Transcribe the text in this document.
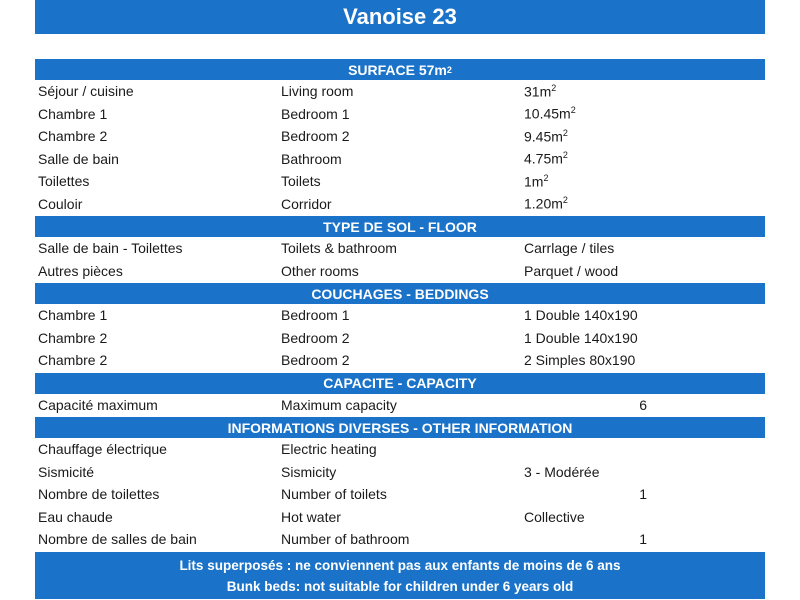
Vanoise 23
SURFACE 57m 2
Séjour / cuisine	Living room	$31m^2$
Chambre 1	Bedroom 1	$10.45m^2$
Chambre 2	Bedroom 2	$9.45m^2$
Salle de bain	Bathroom	$4.75m^2$
Toilettes	Toilets	$1m^2$
Couloir	Corridor	$1.20m^2$
TYPE DE SOL - FLOOR
Salle de bain - Toilettes	Toilets & bathroom	Carrlage / tiles
Autres pièces	Other rooms	Parquet / wood
COUCHAGES - BEDDINGS
Chambre 1	Bedroom 1	1 Double 140x190
Chambre 2	Bedroom 2	1 Double 140x190
Chambre 2	Bedroom 2	2 Simples 80x190
CAPACITE - CAPACITY
Capacité maximum	Maximum capacity	6
INFORMATIONS DIVERSES - OTHER INFORMATION
Chauffage électrique	Electric heating
Sismicité	Sismicity	3 - Modérée
Nombre de toilettes	Number of toilets	1
Eau chaude	Hot water	Collective
Nombre de salles de bain	Number of bathroom	1
Lits superposés : ne conviennent pas aux enfants de moins de 6 ans
Bunk beds: not suitable for children under 6 years old
